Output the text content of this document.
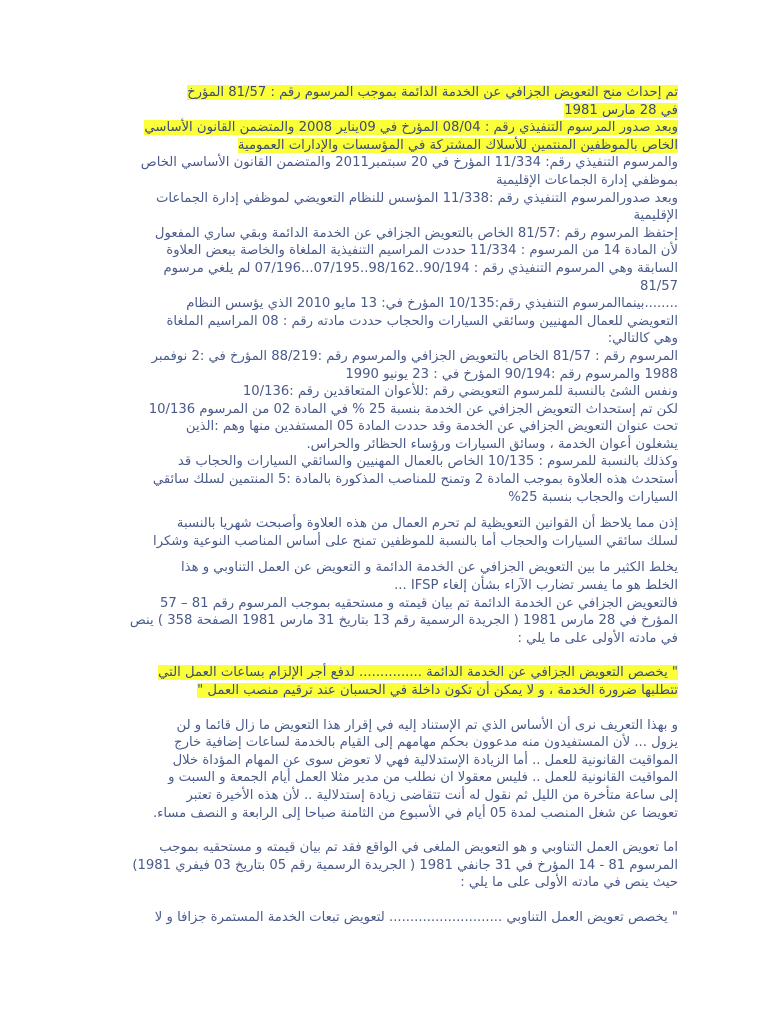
تم إحداث منح التعويض الجزافي عن الخدمة الدائمة بموجب المرسوم رقم : 81/57 المؤرخ
في 28 مارس 1981
وبعد صدور المرسوم التنفيذي رقم : 08/04 المؤرخ في 09يناير 2008 والمتضمن القانون الأساسي
الخاص بالموظفين المنتمين للأسلاك المشتركة في المؤسسات والإدارات العمومية
والمرسوم التنفيذي رقم: 11/334 المؤرخ في 20 سبتمبر2011 والمتضمن القانون الأساسي الخاص
بموظفي إدارة الجماعات الإقليمية
وبعد صدورالمرسوم التنفيذي رقم :11/338 المؤسس للنظام التعويضي لموظفي إدارة الجماعات
الإقليمية
إحتفظ المرسوم رقم :81/57 الخاص بالتعويض الجزافي عن الخدمة الدائمة وبقي ساري المفعول
لأن المادة 14 من المرسوم : 11/334 حددت المراسيم التنفيذية الملغاة والخاصة ببعض العلاوة
السابقة وهي المرسوم التنفيذي رقم : 90/194..98/162..07/195...07/196 لم يلغي مرسوم
81/57
........بينماالمرسوم التنفيذي رقم:10/135 المؤرخ في: 13 مايو 2010 الذي يؤسس النظام
التعويضي للعمال المهنيين وسائقي السيارات والحجاب حددت مادته رقم : 08 المراسيم الملغاة
وهي كالتالي:
المرسوم رقم : 81/57 الخاص بالتعويض الجزافي والمرسوم رقم :88/219 المؤرخ في :2 نوفمبر
1988 والمرسوم رقم :90/194 المؤرخ في : 23 يونيو 1990
ونفس الشئ بالنسبة للمرسوم التعويضي رقم :للأعوان المتعاقدين رقم :10/136
لكن تم إستحداث التعويض الجزافي عن الخدمة بنسبة 25 % في المادة 02 من المرسوم 10/136
تحت عنوان التعويض الجزافي عن الخدمة وقد حددت المادة 05 المستفدين منها وهم :الذين
يشغلون أعوان الخدمة ، وسائق السيارات ورؤساء الحظائر والحراس.
وكذلك بالنسبة للمرسوم : 10/135 الخاص بالعمال المهنيين والسائقي السيارات والحجاب قد
أستحدث هذه العلاوة بموجب المادة 2 وتمنح للمناصب المذكورة بالمادة :5 المنتمين لسلك سائقي
السيارات والحجاب بنسبة 25%
إذن مما يلاحظ أن القوانين التعويظية لم تحرم العمال من هذه العلاوة وأصبحت شهريا بالنسبة
لسلك سائقي السيارات والحجاب أما بالنسبة للموظفين تمنح على أساس المناصب النوعية وشكرا
يخلط الكثير ما بين التعويض الجزافي عن الخدمة الدائمة و التعويض عن العمل التناوبي و هذا
الخلط هو ما يفسر تضارب الآراء بشأن إلغاء IFSP ...
فالتعويض الجزافي عن الخدمة الدائمة تم بيان قيمته و مستحقيه بموجب المرسوم رقم 81 – 57
المؤرخ في 28 مارس 1981 ( الجريدة الرسمية رقم 13 بتاريخ 31 مارس 1981 الصفحة 358 ) ينص
في مادته الأولى على ما يلي :
" يخصص التعويض الجزافي عن الخدمة الدائمة ............... لدفع أجر الإلزام بساعات العمل التي
تتطلبها ضرورة الخدمة ، و لا يمكن أن تكون داخلة في الحسبان عند ترقيم منصب العمل "
و بهذا التعريف نرى أن الأساس الذي تم الإستناد إليه في إقرار هذا التعويض ما زال قائما و لن
يزول ... لأن المستفيدون منه مدعوون بحكم مهامهم إلى القيام بالخدمة لساعات إضافية خارج
المواقيت القانونية للعمل .. أما الزيادة الإستدلالية فهي لا تعوض سوى عن المهام المؤداة خلال
المواقيت القانونية للعمل .. فليس معقولا ان نطلب من مدير مثلا العمل أيام الجمعة و السبت و
إلى ساعة متأخرة من الليل ثم نقول له أنت تتقاضى زيادة إستدلالية .. لأن هذه الأخيرة تعتبر
تعويضا عن شغل المنصب لمدة 05 أيام في الأسبوع من الثامنة صباحا إلى الرابعة و النصف مساء.
اما تعويض العمل التناوبي و هو التعويض الملغى في الواقع فقد تم بيان قيمته و مستحقيه بموجب
المرسوم 81 - 14 المؤرخ في 31 جانفي 1981 ( الجريدة الرسمية رقم 05 بتاريخ 03 فيفري 1981)
حيث ينص في مادته الأولى على ما يلي :
" يخصص تعويض العمل التناوبي ........................... لتعويض تبعات الخدمة المستمرة جزافا و لا
